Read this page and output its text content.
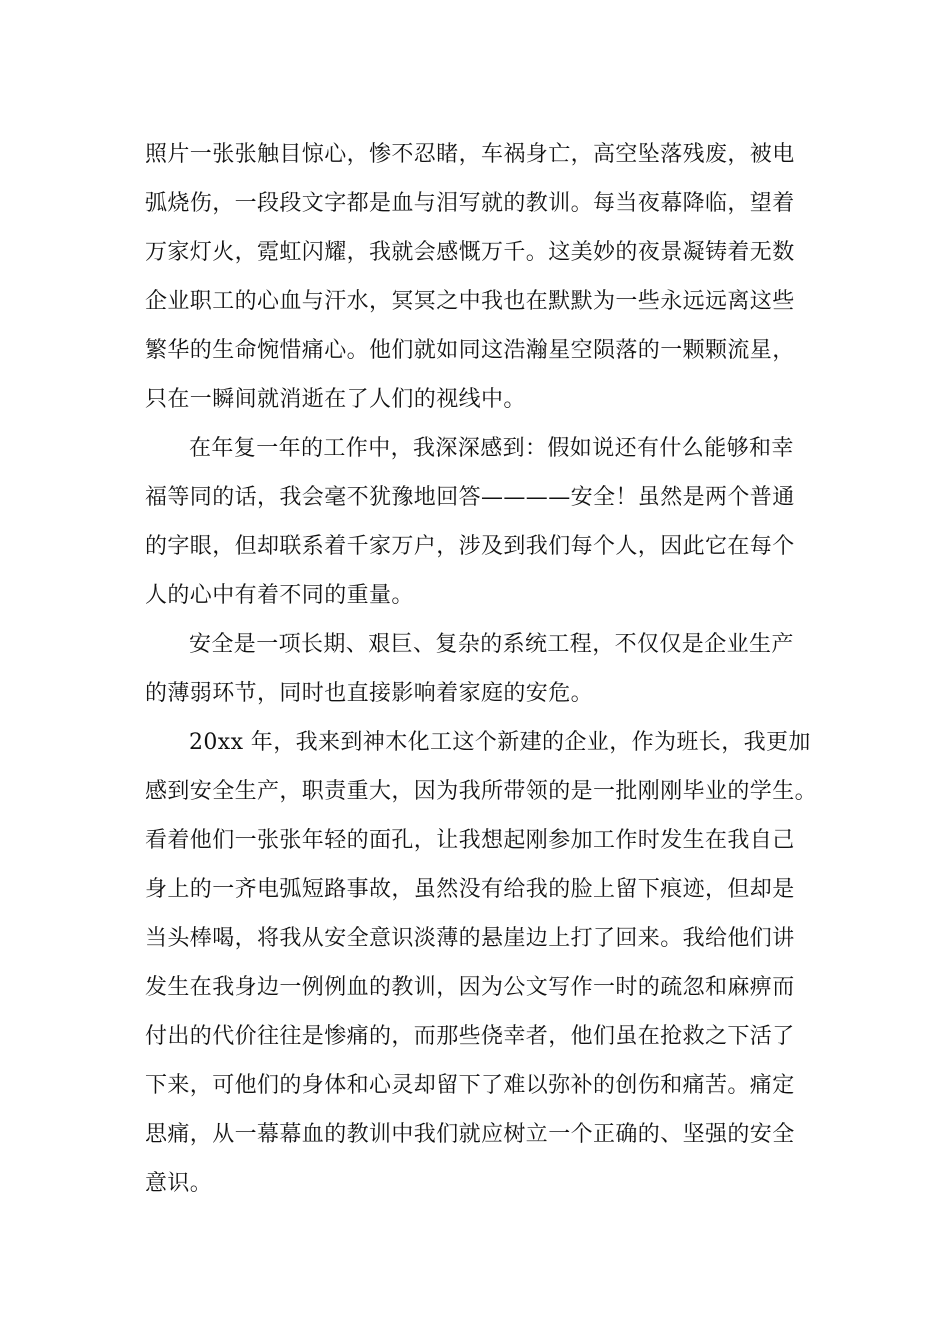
照片一张张触目惊心，惨不忍睹，车祸身亡，高空坠落残废，被电
弧烧伤，一段段文字都是血与泪写就的教训。每当夜幕降临，望着
万家灯火，霓虹闪耀，我就会感慨万千。这美妙的夜景凝铸着无数
企业职工的心血与汗水，冥冥之中我也在默默为一些永远远离这些
繁华的生命惋惜痛心。他们就如同这浩瀚星空陨落的一颗颗流星，
只在一瞬间就消逝在了人们的视线中。
在年复一年的工作中，我深深感到：假如说还有什么能够和幸
福等同的话，我会毫不犹豫地回答————安全！虽然是两个普通
的字眼，但却联系着千家万户，涉及到我们每个人，因此它在每个
人的心中有着不同的重量。
安全是一项长期、艰巨、复杂的系统工程，不仅仅是企业生产
的薄弱环节，同时也直接影响着家庭的安危。
20xx 年，我来到神木化工这个新建的企业，作为班长，我更加
感到安全生产，职责重大，因为我所带领的是一批刚刚毕业的学生。
看着他们一张张年轻的面孔，让我想起刚参加工作时发生在我自己
身上的一齐电弧短路事故，虽然没有给我的脸上留下痕迹，但却是
当头棒喝，将我从安全意识淡薄的悬崖边上打了回来。我给他们讲
发生在我身边一例例血的教训，因为公文写作一时的疏忽和麻痹而
付出的代价往往是惨痛的，而那些侥幸者，他们虽在抢救之下活了
下来，可他们的身体和心灵却留下了难以弥补的创伤和痛苦。痛定
思痛，从一幕幕血的教训中我们就应树立一个正确的、坚强的安全
意识。
